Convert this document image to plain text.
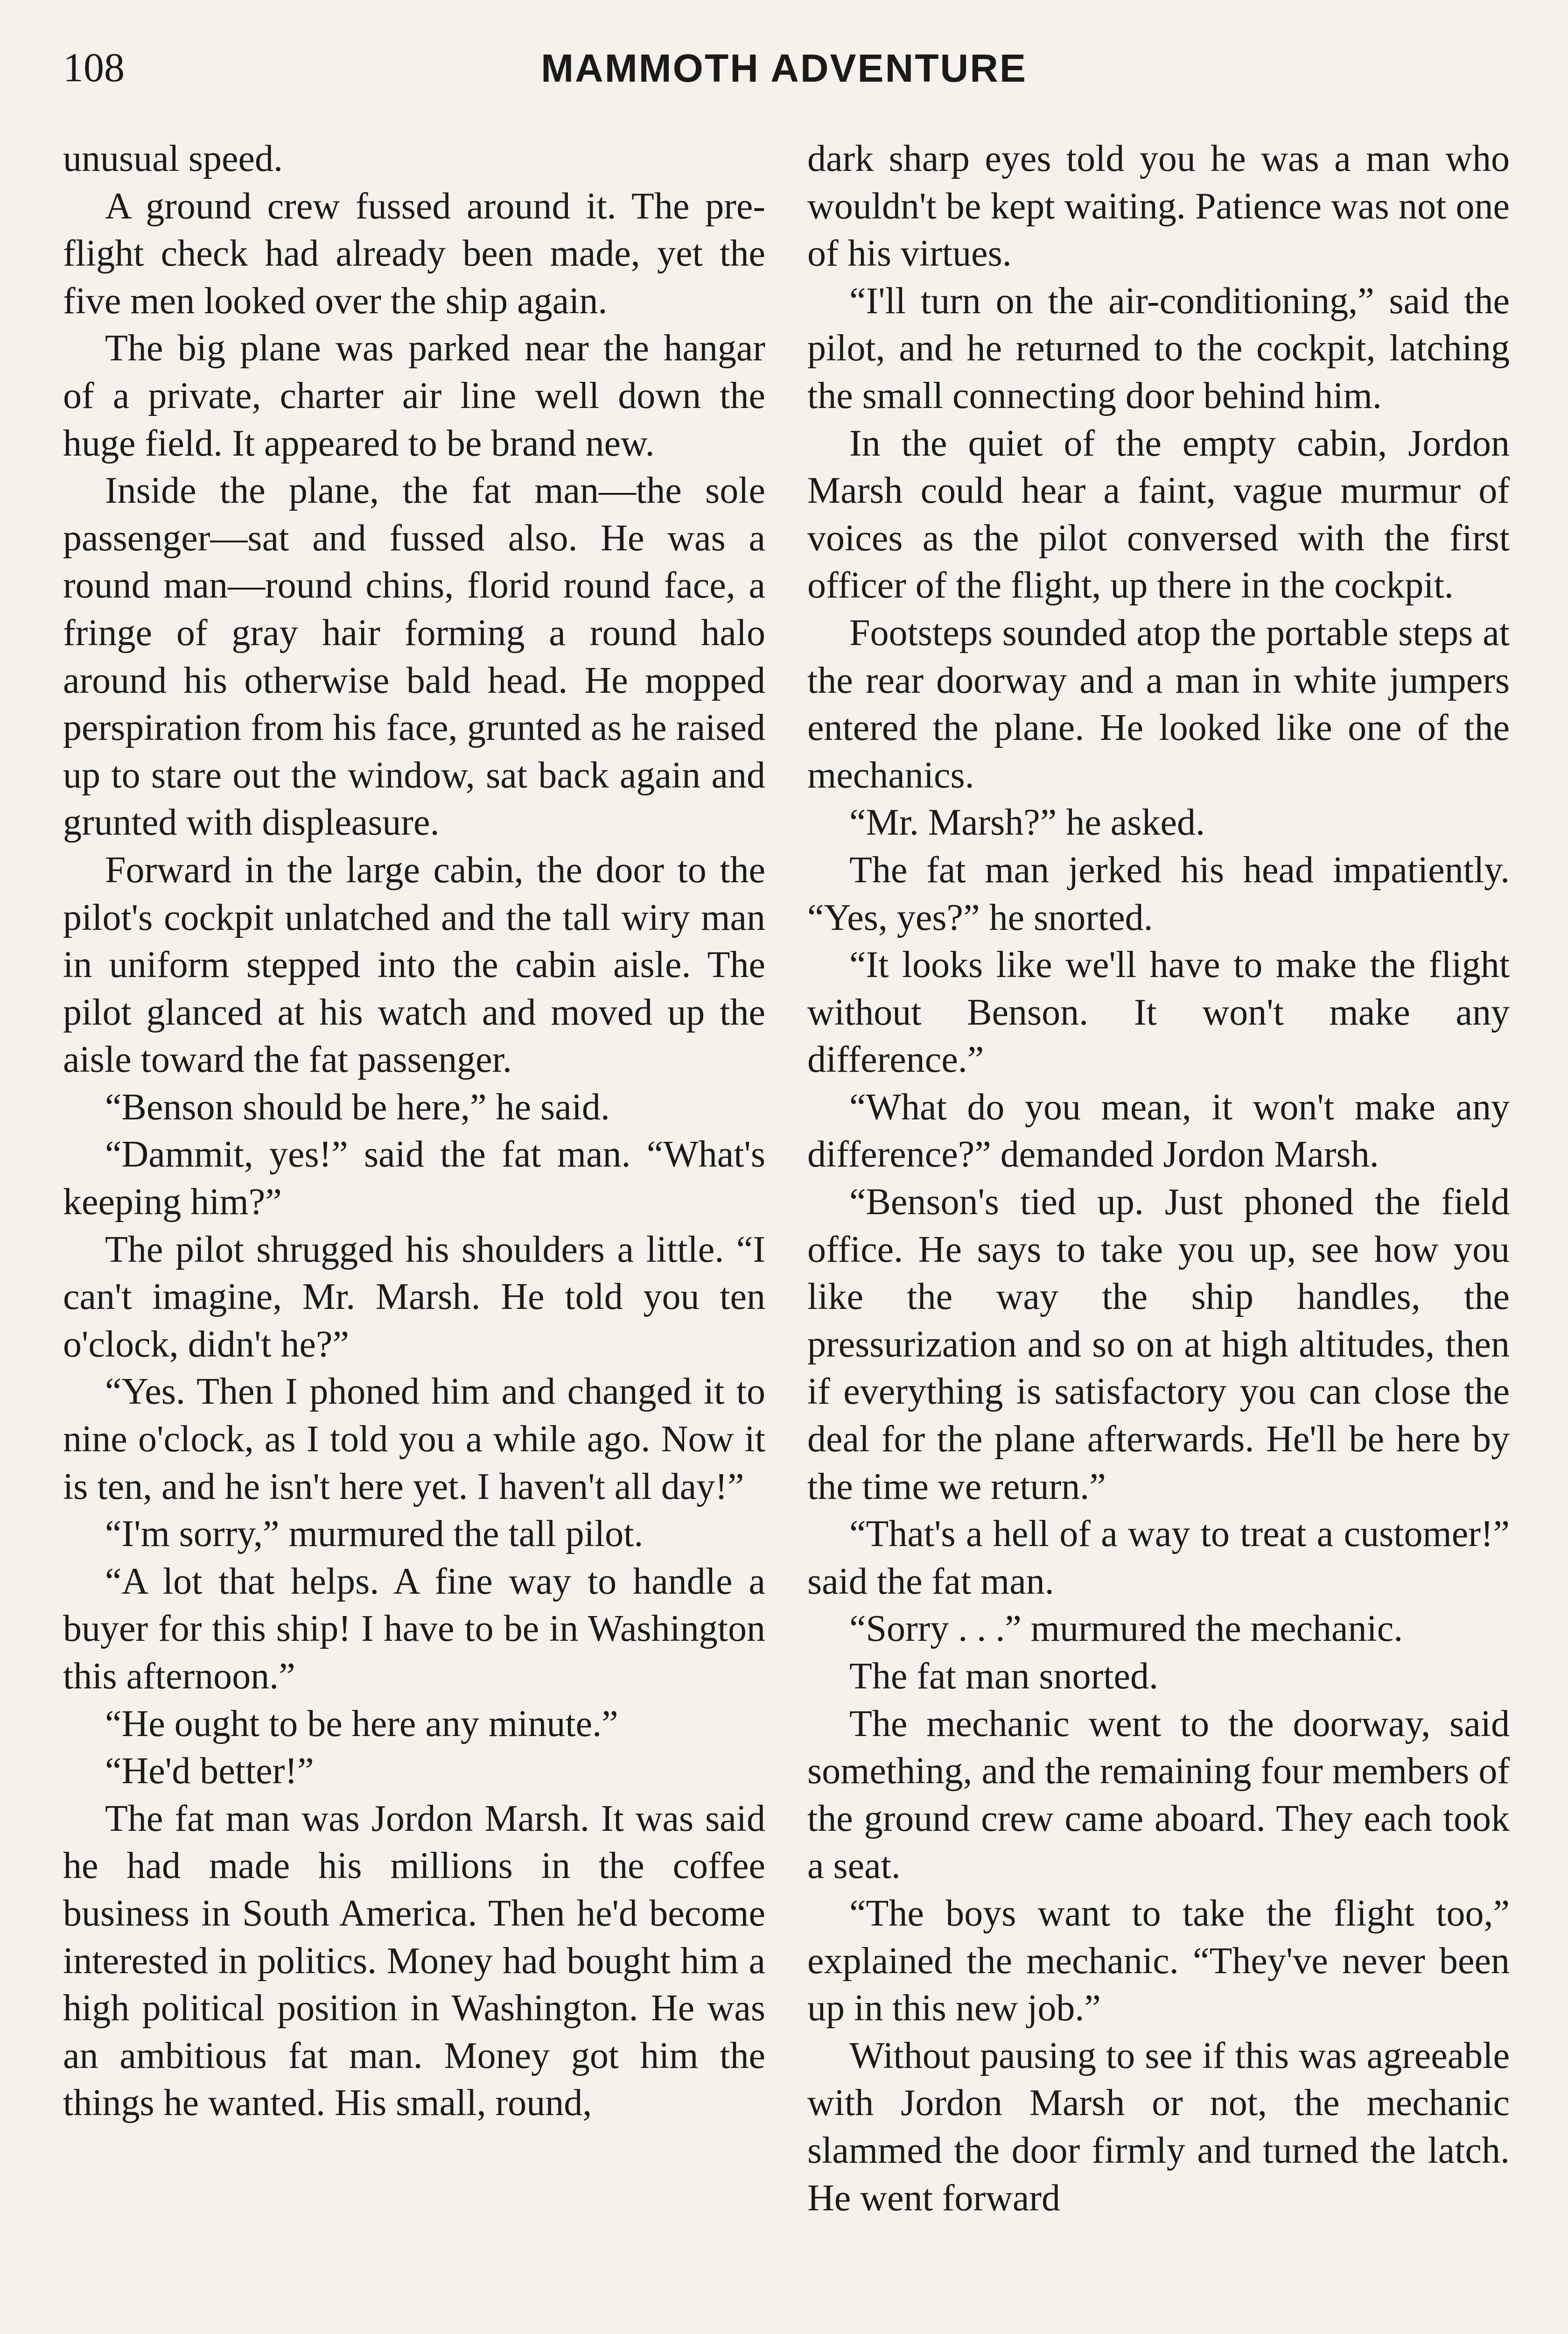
108	MAMMOTH ADVENTURE

unusual speed.

A ground crew fussed around it. The pre-flight check had already been made, yet the five men looked over the ship again.

The big plane was parked near the hangar of a private, charter air line well down the huge field. It appeared to be brand new.

Inside the plane, the fat man—the sole passenger—sat and fussed also. He was a round man—round chins, florid round face, a fringe of gray hair forming a round halo around his otherwise bald head. He mopped perspiration from his face, grunted as he raised up to stare out the window, sat back again and grunted with displeasure.

Forward in the large cabin, the door to the pilot's cockpit unlatched and the tall wiry man in uniform stepped into the cabin aisle. The pilot glanced at his watch and moved up the aisle toward the fat passenger.

“Benson should be here,” he said.

“Dammit, yes!” said the fat man. “What's keeping him?”

The pilot shrugged his shoulders a little. “I can't imagine, Mr. Marsh. He told you ten o'clock, didn't he?”

“Yes. Then I phoned him and changed it to nine o'clock, as I told you a while ago. Now it is ten, and he isn't here yet. I haven't all day!”

“I'm sorry,” murmured the tall pilot.

“A lot that helps. A fine way to handle a buyer for this ship! I have to be in Washington this afternoon.”

“He ought to be here any minute.”

“He'd better!”

The fat man was Jordon Marsh. It was said he had made his millions in the coffee business in South America. Then he'd become interested in politics. Money had bought him a high political position in Washington. He was an ambitious fat man. Money got him the things he wanted. His small, round,

dark sharp eyes told you he was a man who wouldn't be kept waiting. Patience was not one of his virtues.

“I'll turn on the air-conditioning,” said the pilot, and he returned to the cockpit, latching the small connecting door behind him.

In the quiet of the empty cabin, Jordon Marsh could hear a faint, vague murmur of voices as the pilot conversed with the first officer of the flight, up there in the cockpit.

Footsteps sounded atop the portable steps at the rear doorway and a man in white jumpers entered the plane. He looked like one of the mechanics.

“Mr. Marsh?” he asked.

The fat man jerked his head impatiently. “Yes, yes?” he snorted.

“It looks like we'll have to make the flight without Benson. It won't make any difference.”

“What do you mean, it won't make any difference?” demanded Jordon Marsh.

“Benson's tied up. Just phoned the field office. He says to take you up, see how you like the way the ship handles, the pressurization and so on at high altitudes, then if everything is satisfactory you can close the deal for the plane afterwards. He'll be here by the time we return.”

“That's a hell of a way to treat a customer!” said the fat man.

“Sorry . . .” murmured the mechanic.

The fat man snorted.

The mechanic went to the doorway, said something, and the remaining four members of the ground crew came aboard. They each took a seat.

“The boys want to take the flight too,” explained the mechanic. “They've never been up in this new job.”

Without pausing to see if this was agreeable with Jordon Marsh or not, the mechanic slammed the door firmly and turned the latch. He went forward
